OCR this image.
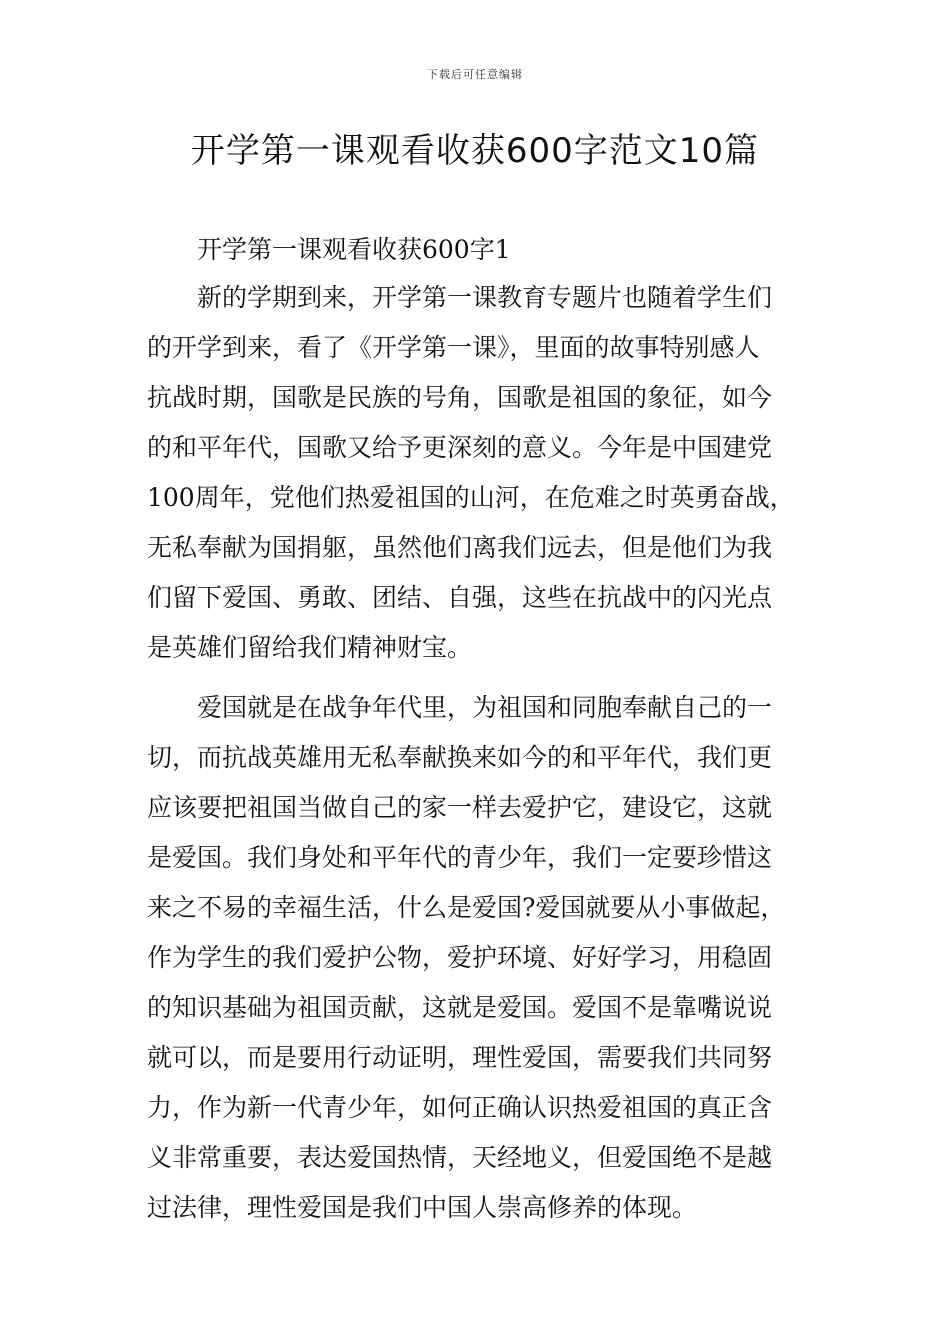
下载后可任意编辑
开学第一课观看收获600字范文10篇

开学第一课观看收获600字1

新的学期到来，开学第一课教育专题片也随着学生们
的开学到来，看了《开学第一课》，里面的故事特别感人
抗战时期，国歌是民族的号角，国歌是祖国的象征，如今
的和平年代，国歌又给予更深刻的意义。今年是中国建党
100周年，党他们热爱祖国的山河，在危难之时英勇奋战，
无私奉献为国捐躯，虽然他们离我们远去，但是他们为我
们留下爱国、勇敢、团结、自强，这些在抗战中的闪光点
是英雄们留给我们精神财宝。

爱国就是在战争年代里，为祖国和同胞奉献自己的一
切，而抗战英雄用无私奉献换来如今的和平年代，我们更
应该要把祖国当做自己的家一样去爱护它，建设它，这就
是爱国。我们身处和平年代的青少年，我们一定要珍惜这
来之不易的幸福生活，什么是爱国?爱国就要从小事做起，
作为学生的我们爱护公物，爱护环境、好好学习，用稳固
的知识基础为祖国贡献，这就是爱国。爱国不是靠嘴说说
就可以，而是要用行动证明，理性爱国，需要我们共同努
力，作为新一代青少年，如何正确认识热爱祖国的真正含
义非常重要，表达爱国热情，天经地义，但爱国绝不是越
过法律，理性爱国是我们中国人崇高修养的体现。
